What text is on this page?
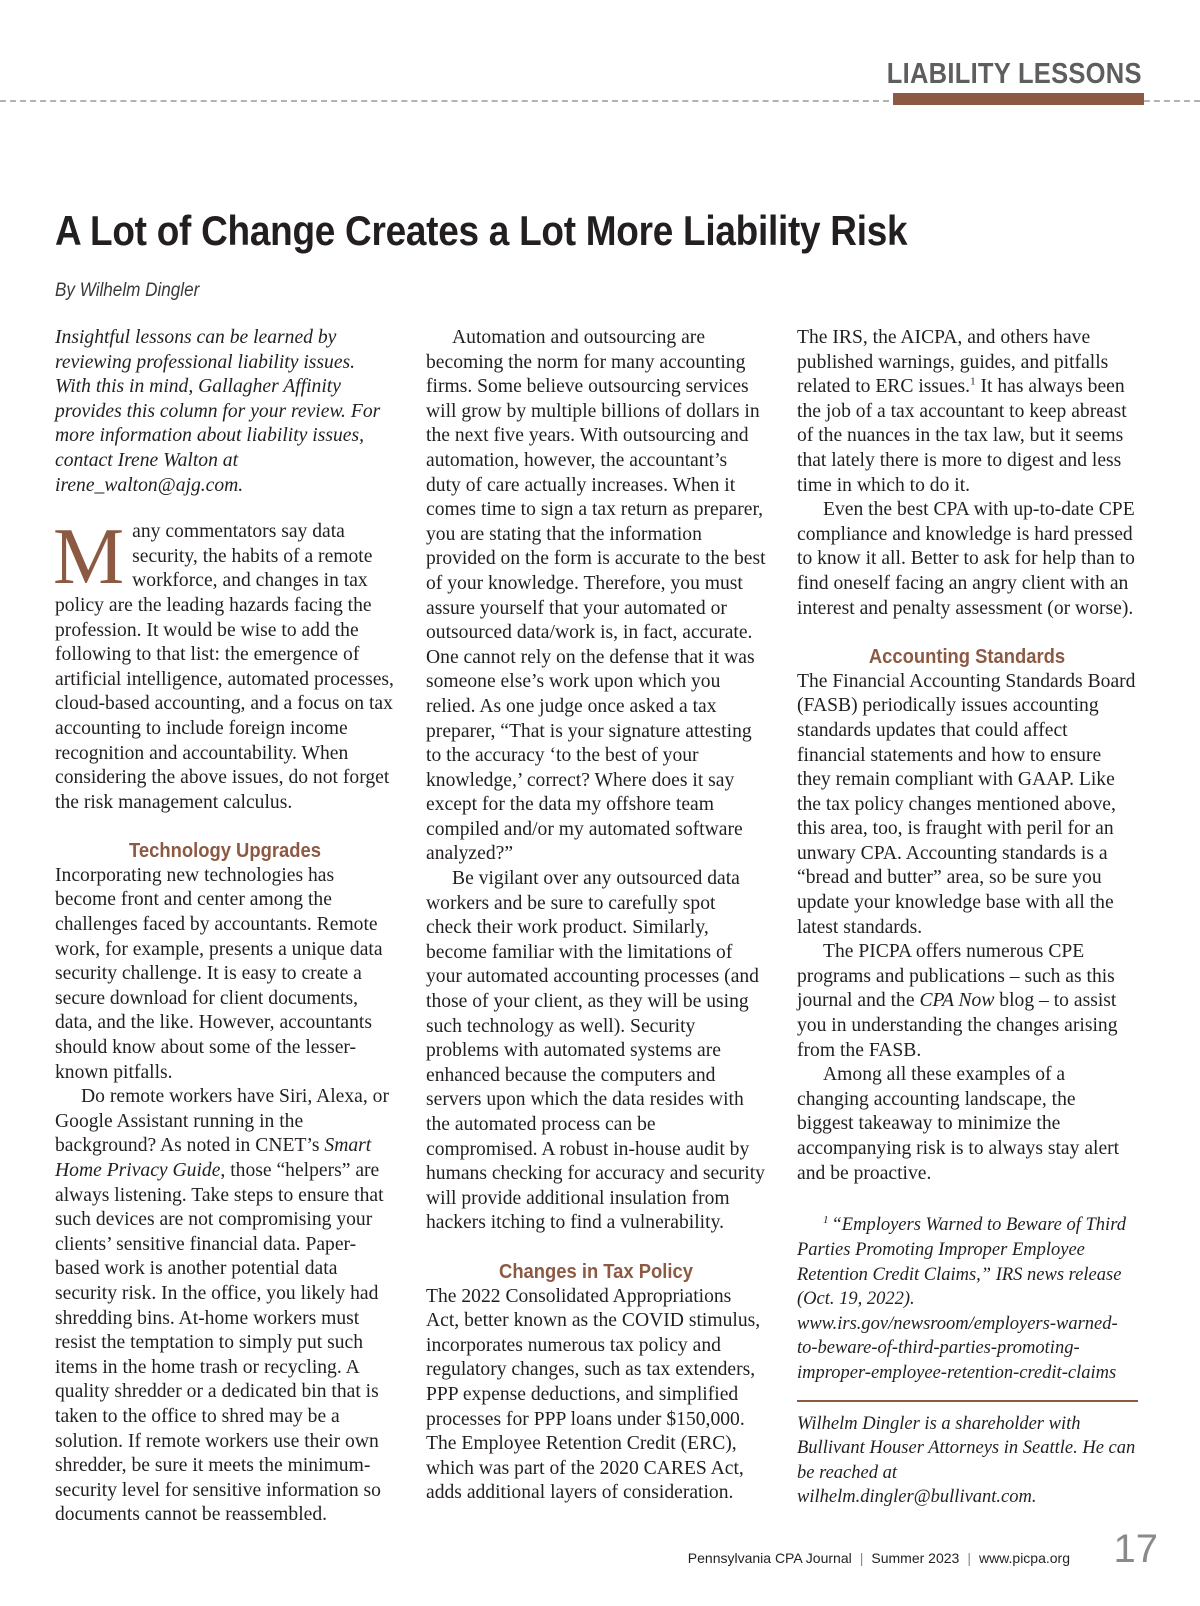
LIABILITY LESSONS
A Lot of Change Creates a Lot More Liability Risk
By Wilhelm Dingler

Insightful lessons can be learned by reviewing professional liability issues. With this in mind, Gallagher Affinity provides this column for your review. For more information about liability issues, contact Irene Walton at irene_walton@ajg.com.

Many commentators say data security, the habits of a remote workforce, and changes in tax policy are the leading hazards facing the profession. It would be wise to add the following to that list: the emergence of artificial intelligence, automated processes, cloud-based accounting, and a focus on tax accounting to include foreign income recognition and accountability. When considering the above issues, do not forget the risk management calculus.

Technology Upgrades

Incorporating new technologies has become front and center among the challenges faced by accountants. Remote work, for example, presents a unique data security challenge. It is easy to create a secure download for client documents, data, and the like. However, accountants should know about some of the lesser-known pitfalls.

Do remote workers have Siri, Alexa, or Google Assistant running in the background? As noted in CNET’s Smart Home Privacy Guide, those “helpers” are always listening. Take steps to ensure that such devices are not compromising your clients’ sensitive financial data. Paper-based work is another potential data security risk. In the office, you likely had shredding bins. At-home workers must resist the temptation to simply put such items in the home trash or recycling. A quality shredder or a dedicated bin that is taken to the office to shred may be a solution. If remote workers use their own shredder, be sure it meets the minimum-security level for sensitive information so documents cannot be reassembled.

Automation and outsourcing are becoming the norm for many accounting firms. Some believe outsourcing services will grow by multiple billions of dollars in the next five years. With outsourcing and automation, however, the accountant’s duty of care actually increases. When it comes time to sign a tax return as preparer, you are stating that the information provided on the form is accurate to the best of your knowledge. Therefore, you must assure yourself that your automated or outsourced data/work is, in fact, accurate. One cannot rely on the defense that it was someone else’s work upon which you relied. As one judge once asked a tax preparer, “That is your signature attesting to the accuracy ‘to the best of your knowledge,’ correct? Where does it say except for the data my offshore team compiled and/or my automated software analyzed?”

Be vigilant over any outsourced data workers and be sure to carefully spot check their work product. Similarly, become familiar with the limitations of your automated accounting processes (and those of your client, as they will be using such technology as well). Security problems with automated systems are enhanced because the computers and servers upon which the data resides with the automated process can be compromised. A robust in-house audit by humans checking for accuracy and security will provide additional insulation from hackers itching to find a vulnerability.

Changes in Tax Policy

The 2022 Consolidated Appropriations Act, better known as the COVID stimulus, incorporates numerous tax policy and regulatory changes, such as tax extenders, PPP expense deductions, and simplified processes for PPP loans under $150,000. The Employee Retention Credit (ERC), which was part of the 2020 CARES Act, adds additional layers of consideration.

The IRS, the AICPA, and others have published warnings, guides, and pitfalls related to ERC issues.$^1$ It has always been the job of a tax accountant to keep abreast of the nuances in the tax law, but it seems that lately there is more to digest and less time in which to do it.

Even the best CPA with up-to-date CPE compliance and knowledge is hard pressed to know it all. Better to ask for help than to find oneself facing an angry client with an interest and penalty assessment (or worse).

Accounting Standards

The Financial Accounting Standards Board (FASB) periodically issues accounting standards updates that could affect financial statements and how to ensure they remain compliant with GAAP. Like the tax policy changes mentioned above, this area, too, is fraught with peril for an unwary CPA. Accounting standards is a “bread and butter” area, so be sure you update your knowledge base with all the latest standards.

The PICPA offers numerous CPE programs and publications – such as this journal and the CPA Now blog – to assist you in understanding the changes arising from the FASB.

Among all these examples of a changing accounting landscape, the biggest takeaway to minimize the accompanying risk is to always stay alert and be proactive.

$^1$ “Employers Warned to Beware of Third Parties Promoting Improper Employee Retention Credit Claims,” IRS news release (Oct. 19, 2022). www.irs.gov/newsroom/employers-warned-to-beware-of-third-parties-promoting-improper-employee-retention-credit-claims

Wilhelm Dingler is a shareholder with Bullivant Houser Attorneys in Seattle. He can be reached at wilhelm.dingler@bullivant.com.

Pennsylvania CPA Journal | Summer 2023 | www.picpa.org 17
